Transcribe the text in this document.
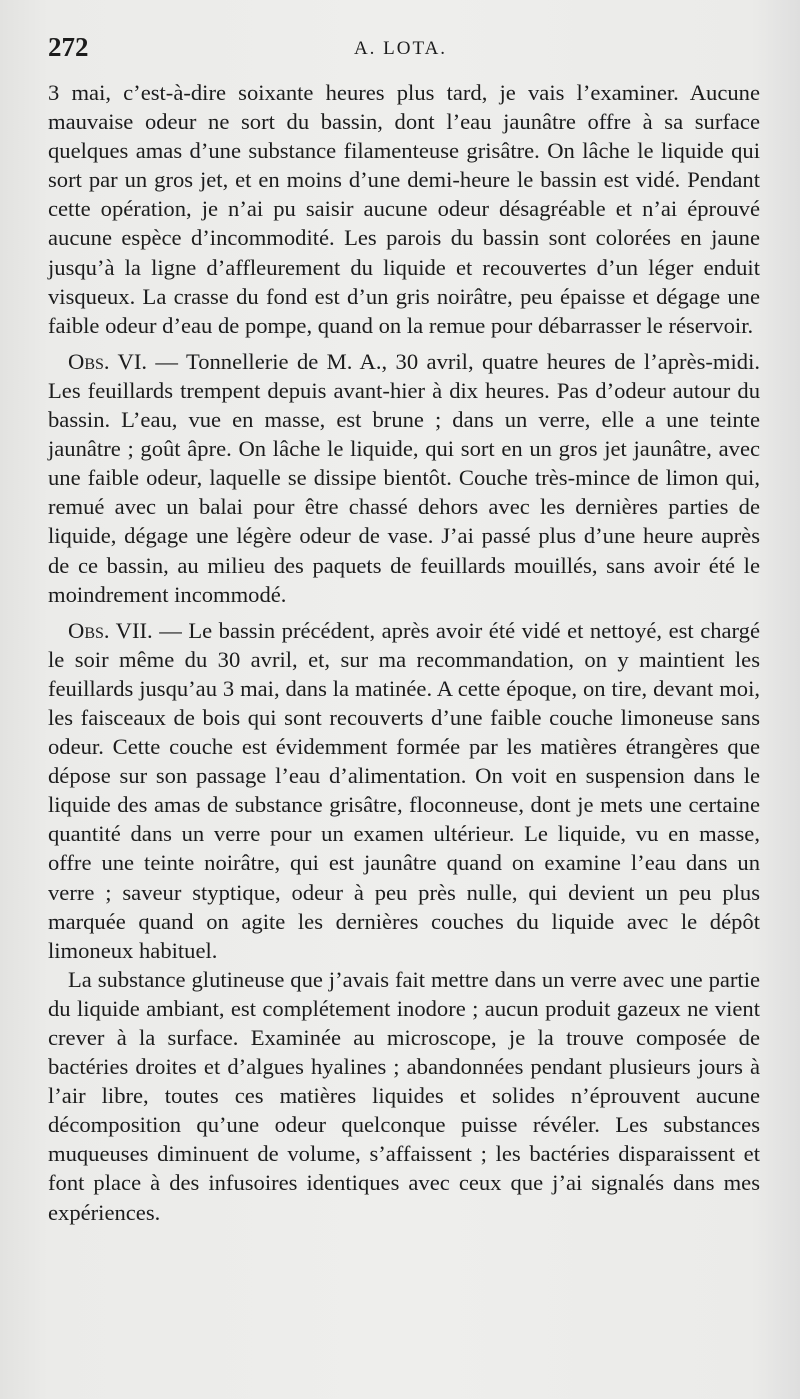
272	A. LOTA.

3 mai, c’est-à-dire soixante heures plus tard, je vais l’examiner. Aucune mauvaise odeur ne sort du bassin, dont l’eau jaunâtre offre à sa surface quelques amas d’une substance filamenteuse grisâtre. On lâche le liquide qui sort par un gros jet, et en moins d’une demi-heure le bassin est vidé. Pendant cette opération, je n’ai pu saisir aucune odeur désagréable et n’ai éprouvé aucune espèce d’incommodité. Les parois du bassin sont colorées en jaune jusqu’à la ligne d’affleurement du liquide et recouvertes d’un léger enduit visqueux. La crasse du fond est d’un gris noirâtre, peu épaisse et dégage une faible odeur d’eau de pompe, quand on la remue pour débarrasser le réservoir.

Obs. VI. — Tonnellerie de M. A., 30 avril, quatre heures de l’après-midi. Les feuillards trempent depuis avant-hier à dix heures. Pas d’odeur autour du bassin. L’eau, vue en masse, est brune ; dans un verre, elle a une teinte jaunâtre ; goût âpre. On lâche le liquide, qui sort en un gros jet jaunâtre, avec une faible odeur, laquelle se dissipe bientôt. Couche très-mince de limon qui, remué avec un balai pour être chassé dehors avec les dernières parties de liquide, dégage une légère odeur de vase. J’ai passé plus d’une heure auprès de ce bassin, au milieu des paquets de feuillards mouillés, sans avoir été le moindrement incommodé.

Obs. VII. — Le bassin précédent, après avoir été vidé et nettoyé, est chargé le soir même du 30 avril, et, sur ma recommandation, on y maintient les feuillards jusqu’au 3 mai, dans la matinée. A cette époque, on tire, devant moi, les faisceaux de bois qui sont recouverts d’une faible couche limoneuse sans odeur. Cette couche est évidemment formée par les matières étrangères que dépose sur son passage l’eau d’alimentation. On voit en suspension dans le liquide des amas de substance grisâtre, floconneuse, dont je mets une certaine quantité dans un verre pour un examen ultérieur. Le liquide, vu en masse, offre une teinte noirâtre, qui est jaunâtre quand on examine l’eau dans un verre ; saveur styptique, odeur à peu près nulle, qui devient un peu plus marquée quand on agite les dernières couches du liquide avec le dépôt limoneux habituel.

La substance glutineuse que j’avais fait mettre dans un verre avec une partie du liquide ambiant, est complétement inodore ; aucun produit gazeux ne vient crever à la surface. Examinée au microscope, je la trouve composée de bactéries droites et d’algues hyalines ; abandonnées pendant plusieurs jours à l’air libre, toutes ces matières liquides et solides n’éprouvent aucune décomposition qu’une odeur quelconque puisse révéler. Les substances muqueuses diminuent de volume, s’affaissent ; les bactéries disparaissent et font place à des infusoires identiques avec ceux que j’ai signalés dans mes expériences.
